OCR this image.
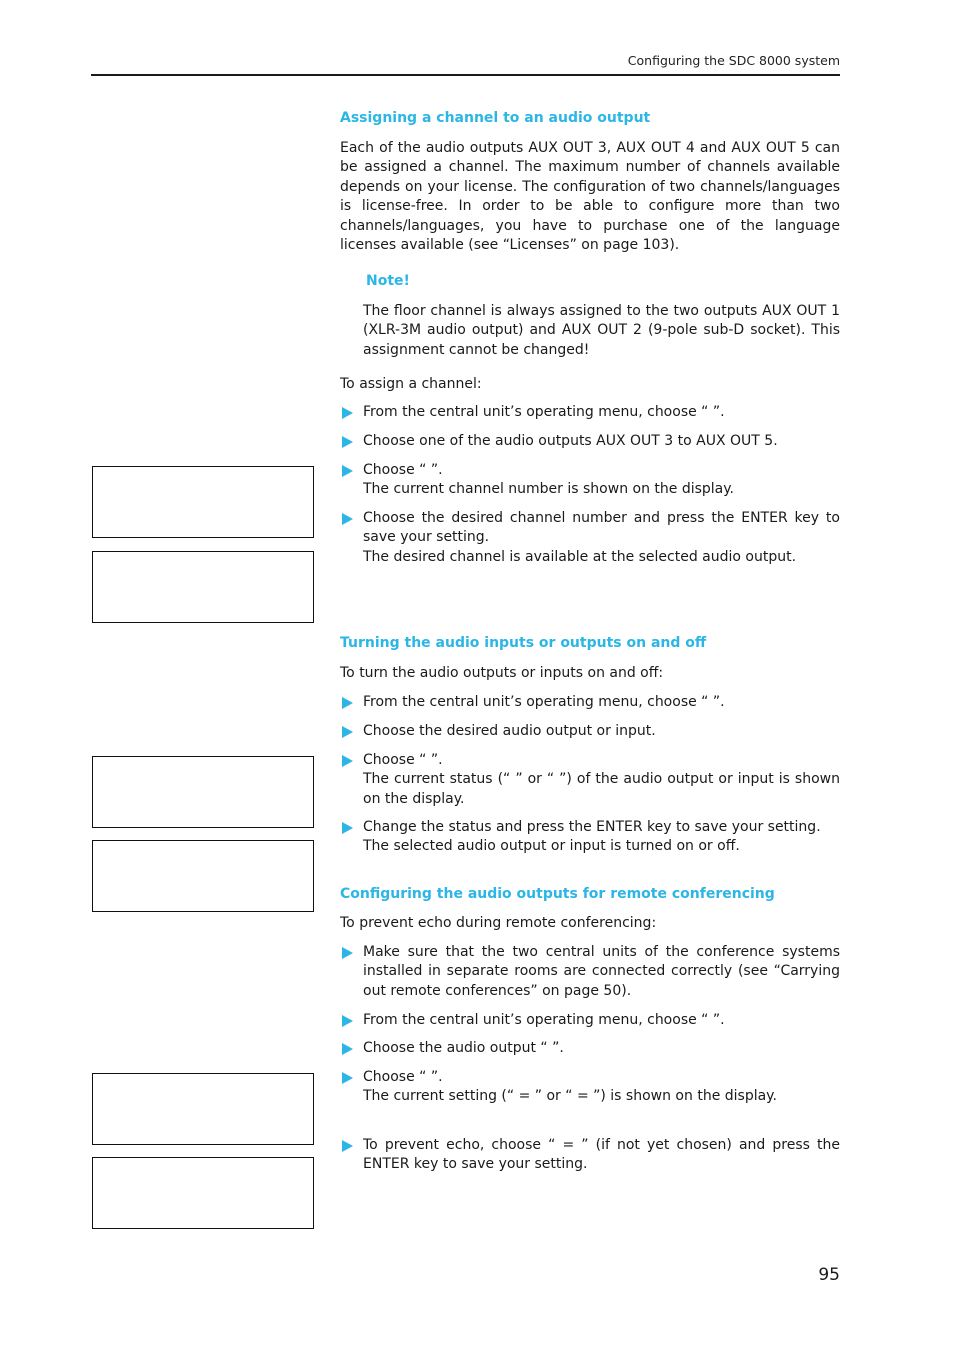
Configuring the SDC 8000 system
Assigning a channel to an audio output

Each of the audio outputs AUX OUT 3, AUX OUT 4 and AUX OUT 5 can be assigned a channel. The maximum number of channels available depends on your license. The configuration of two channels/languages is license-free. In order to be able to configure more than two channels/languages, you have to purchase one of the language licenses available (see “Licenses” on page 103).

Note!

The floor channel is always assigned to the two outputs AUX OUT 1 (XLR-3M audio output) and AUX OUT 2 (9-pole sub-D socket). This assignment cannot be changed!

To assign a channel:

From the central unit’s operating menu, choose “ ”.
Choose one of the audio outputs AUX OUT 3 to AUX OUT 5.
Choose “ ”.
The current channel number is shown on the display.
Choose the desired channel number and press the ENTER key to save your setting.
The desired channel is available at the selected audio output.
Turning the audio inputs or outputs on and off

To turn the audio outputs or inputs on and off:

From the central unit’s operating menu, choose “ ”.
Choose the desired audio output or input.
Choose “ ”.
The current status (“ ” or “ ”) of the audio output or input is shown on the display.
Change the status and press the ENTER key to save your setting.
The selected audio output or input is turned on or off.
Configuring the audio outputs for remote conferencing

To prevent echo during remote conferencing:

Make sure that the two central units of the conference systems installed in separate rooms are connected correctly (see “Carrying out remote conferences” on page 50).
From the central unit’s operating menu, choose “ ”.
Choose the audio output “ ”.
Choose “ ”.
The current setting (“ = ” or “ = ”) is shown on the display.
To prevent echo, choose “ = ” (if not yet chosen) and press the ENTER key to save your setting.
95
